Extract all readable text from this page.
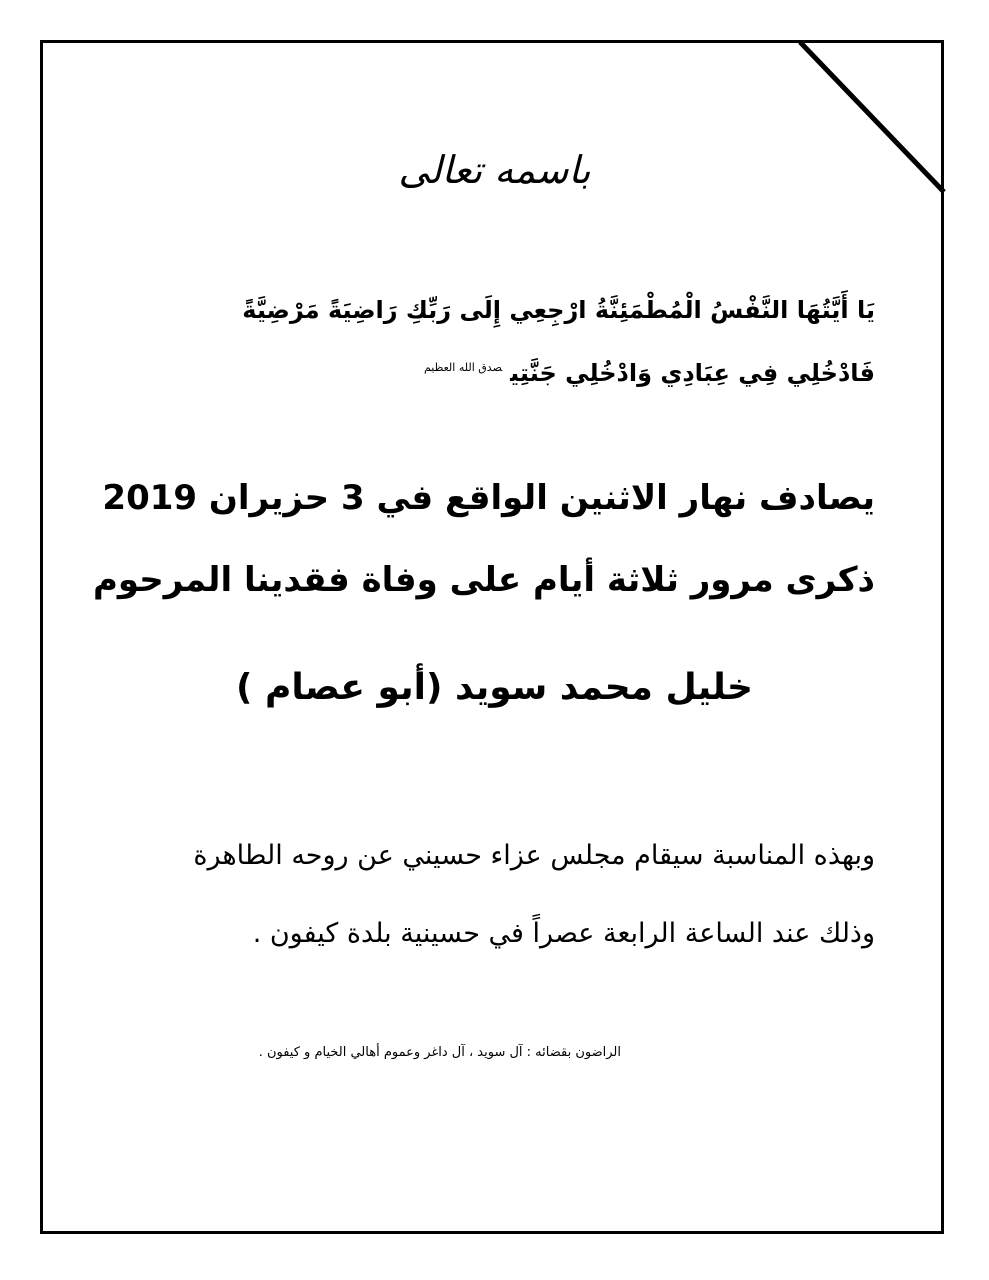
باسمه تعالى
يَا أَيَّتُهَا النَّفْسُ الْمُطْمَئِنَّةُ ارْجِعِي إِلَى رَبِّكِ رَاضِيَةً مَرْضِيَّةً
فَادْخُلِي فِي عِبَادِي وَادْخُلِي جَنَّتِي$^{صدق الله العظيم}$
يصادف نهار الاثنين الواقع في 3 حزيران 2019
ذكرى مرور ثلاثة أيام على وفاة فقدينا المرحوم
خليل محمد سويد (أبو عصام )
وبهذه المناسبة سيقام مجلس عزاء حسيني عن روحه الطاهرة
وذلك عند الساعة الرابعة عصراً في حسينية بلدة كيفون .
الراضون بقضائه : آل سويد ، آل داغر وعموم أهالي الخيام و كيفون .
